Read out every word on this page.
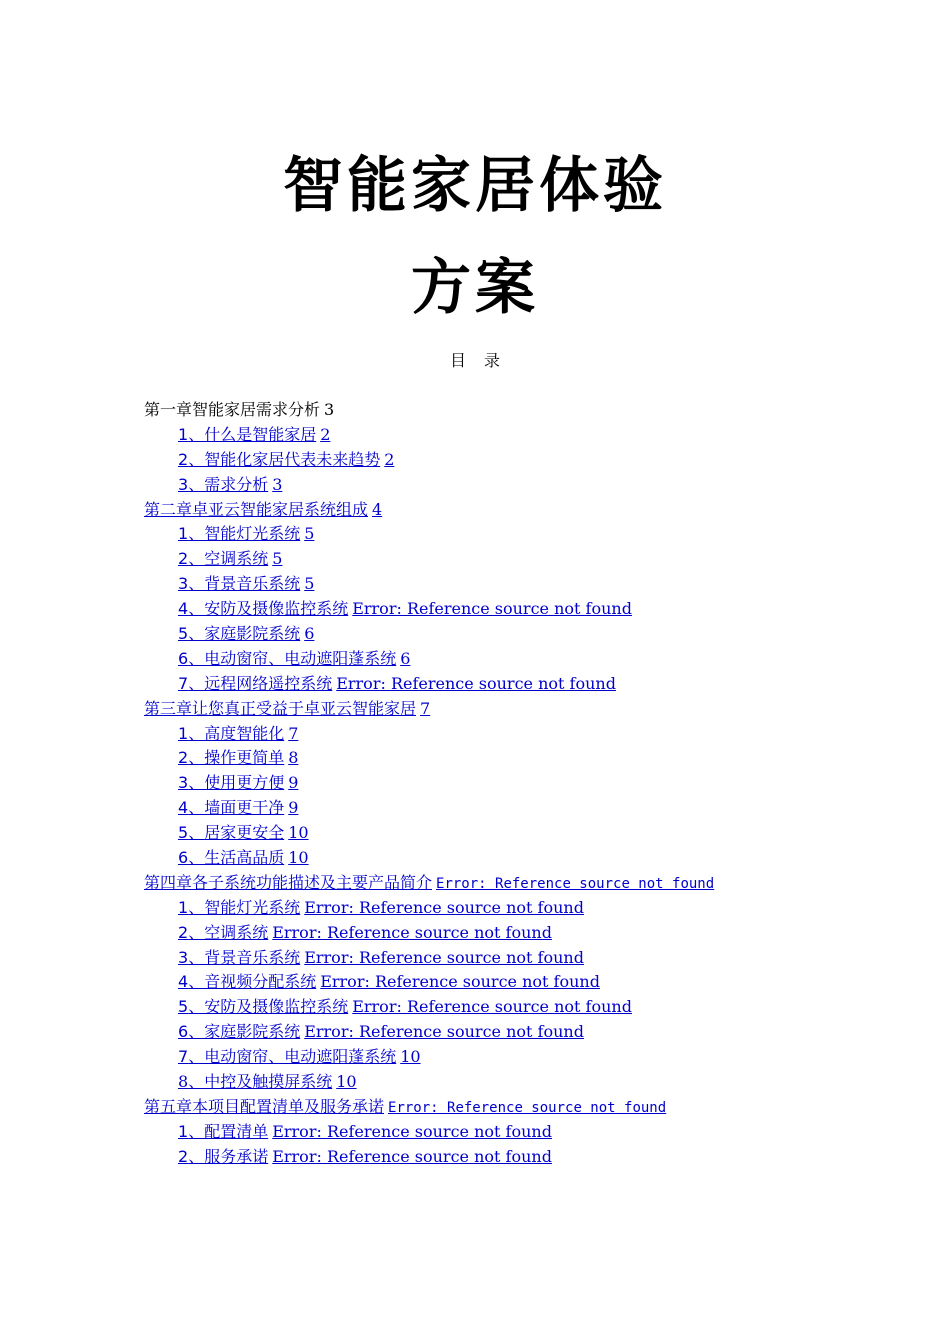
智能家居体验
方案
目 录
第一章智能家居需求分析 3
1、什么是智能家居 2
2、智能化家居代表未来趋势 2
3、需求分析 3
第二章卓亚云智能家居系统组成 4
1、智能灯光系统 5
2、空调系统 5
3、背景音乐系统 5
4、安防及摄像监控系统 Error: Reference source not found
5、家庭影院系统 6
6、电动窗帘、电动遮阳蓬系统 6
7、远程网络遥控系统 Error: Reference source not found
第三章让您真正受益于卓亚云智能家居 7
1、高度智能化 7
2、操作更简单 8
3、使用更方便 9
4、墙面更干净 9
5、居家更安全 10
6、生活高品质 10
第四章各子系统功能描述及主要产品简介 Error: Reference source not found
1、智能灯光系统 Error: Reference source not found
2、空调系统 Error: Reference source not found
3、背景音乐系统 Error: Reference source not found
4、音视频分配系统 Error: Reference source not found
5、安防及摄像监控系统 Error: Reference source not found
6、家庭影院系统 Error: Reference source not found
7、电动窗帘、电动遮阳蓬系统 10
8、中控及触摸屏系统 10
第五章本项目配置清单及服务承诺 Error: Reference source not found
1、配置清单 Error: Reference source not found
2、服务承诺 Error: Reference source not found
